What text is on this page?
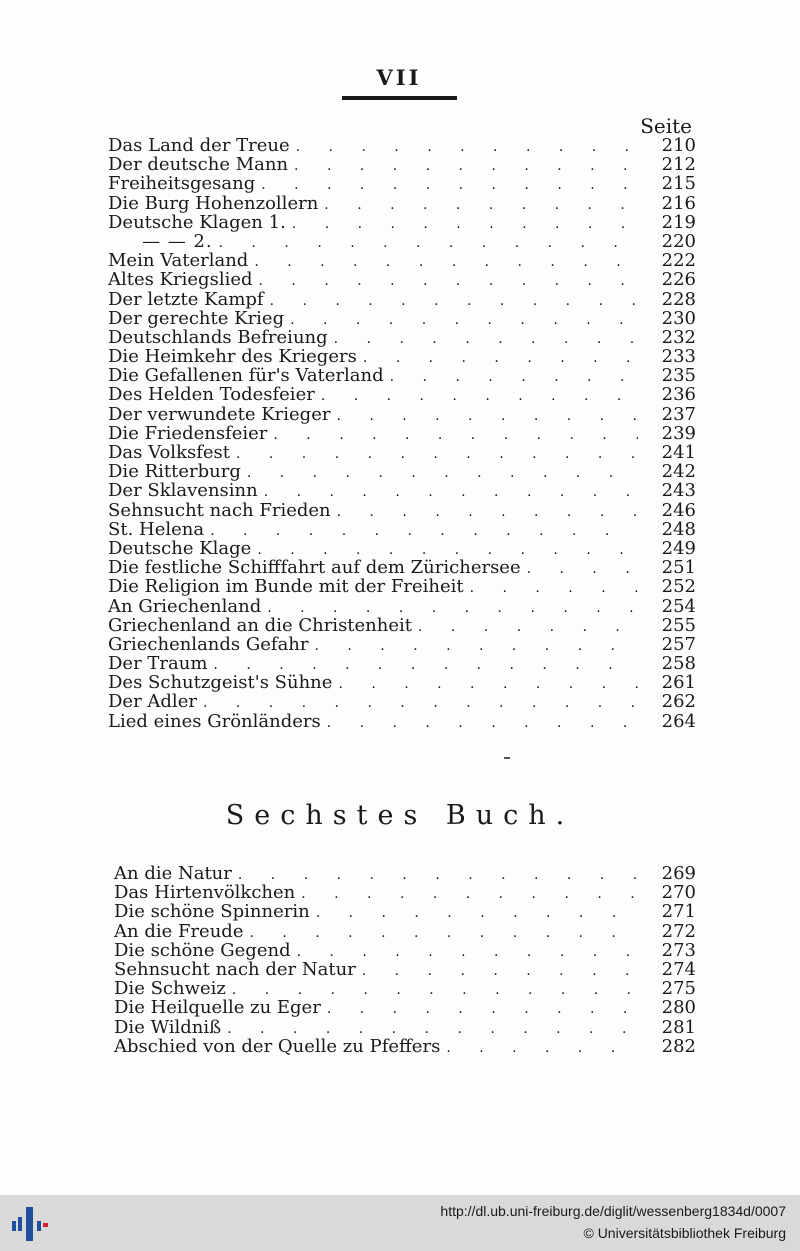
VII
Seite
Das Land der Treue . . .	210
Der deutsche Mann . . .	212
Freiheitsgesang . . .	215
Die Burg Hohenzollern . . .	216
Deutsche Klagen 1. . . .	219
— — 2. . . .	220
Mein Vaterland . . .	222
Altes Kriegslied . . .	226
Der letzte Kampf . . .	228
Der gerechte Krieg . . .	230
Deutschlands Befreiung . . .	232
Die Heimkehr des Kriegers . . .	233
Die Gefallenen für's Vaterland . . .	235
Des Helden Todesfeier . . .	236
Der verwundete Krieger . . .	237
Die Friedensfeier . . .	239
Das Volksfest . . .	241
Die Ritterburg . . .	242
Der Sklavensinn . . .	243
Sehnsucht nach Frieden . . .	246
St. Helena . . .	248
Deutsche Klage . . .	249
Die festliche Schifffahrt auf dem Zürichersee . . .	251
Die Religion im Bunde mit der Freiheit . . .	252
An Griechenland . . .	254
Griechenland an die Christenheit . . .	255
Griechenlands Gefahr . . .	257
Der Traum . . .	258
Des Schutzgeist's Sühne . . .	261
Der Adler . . .	262
Lied eines Grönländers . . .	264
Sechstes Buch.
An die Natur . . .	269
Das Hirtenvölkchen . . .	270
Die schöne Spinnerin . . .	271
An die Freude . . .	272
Die schöne Gegend . . .	273
Sehnsucht nach der Natur . . .	274
Die Schweiz . . .	275
Die Heilquelle zu Eger . . .	280
Die Wildniß . . .	281
Abschied von der Quelle zu Pfeffers . . .	282
http://dl.ub.uni-freiburg.de/diglit/wessenberg1834d/0007
© Universitätsbibliothek Freiburg
